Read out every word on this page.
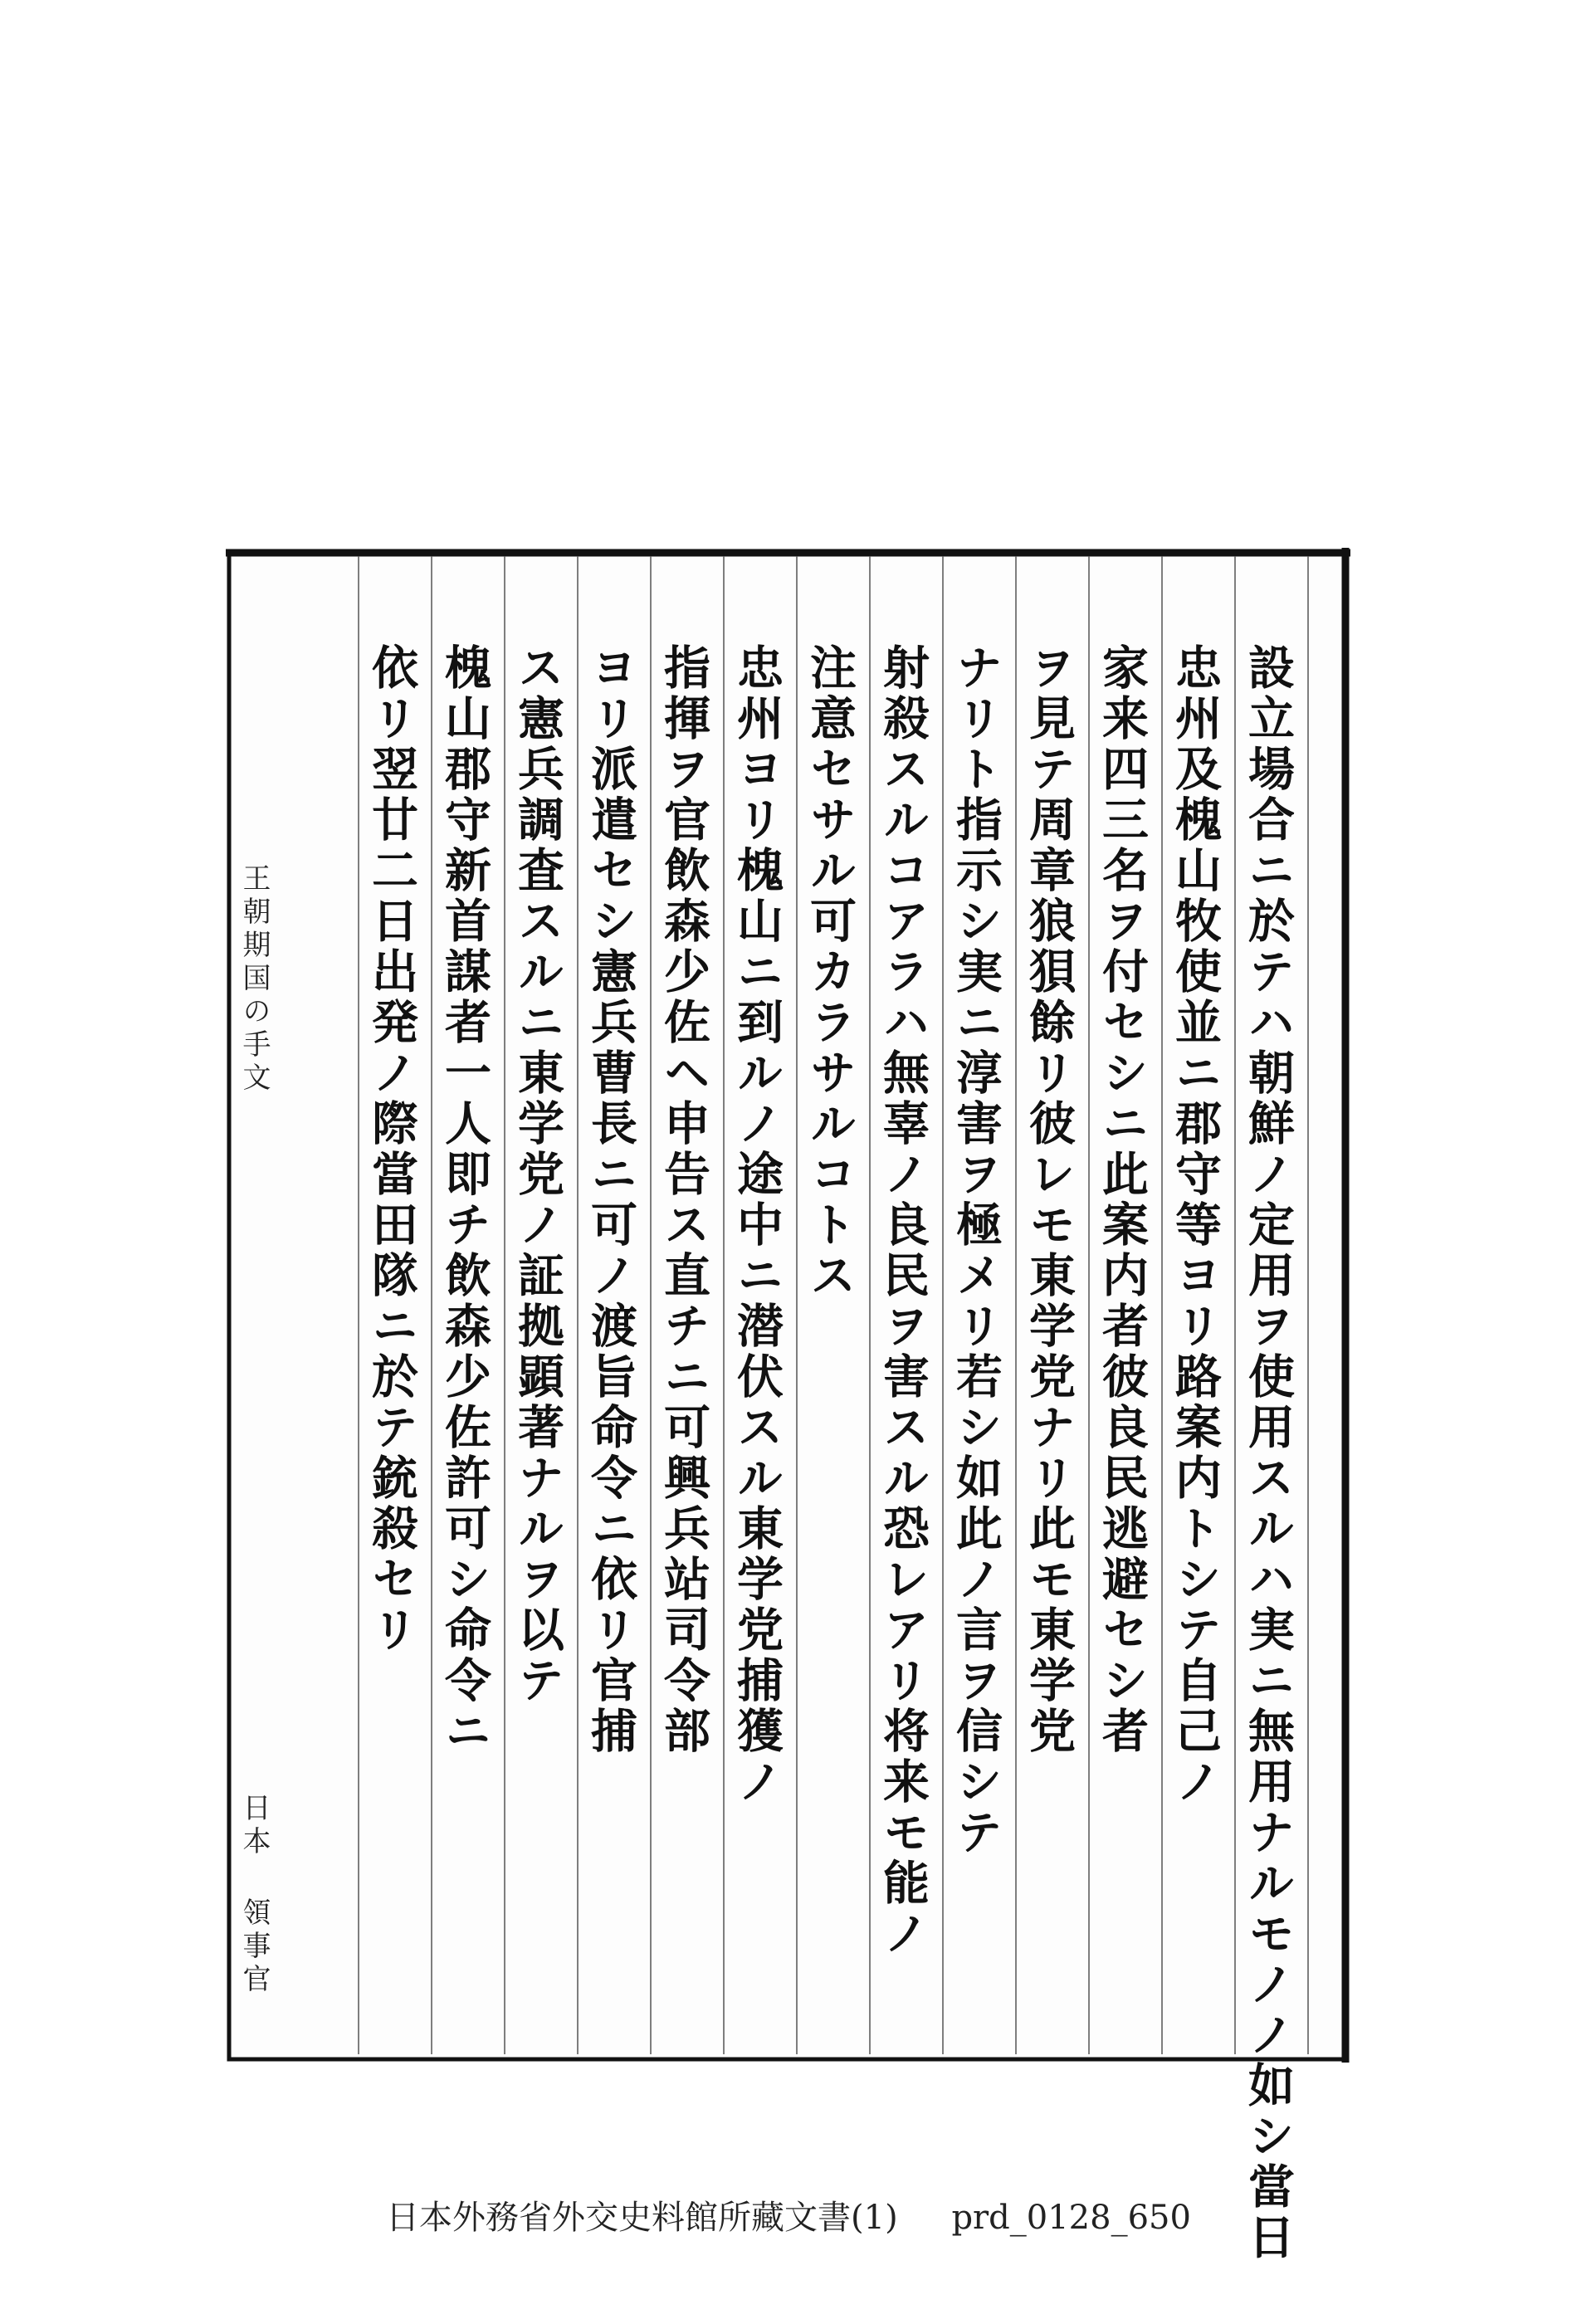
設立場合ニ於テハ朝鮮ノ定用ヲ使用スルハ実ニ無用ナルモノノ如シ當日
忠州及槐山牧使並ニ郡守等ヨリ路案内トシテ自己ノ
家来四三名ヲ付セシニ此案内者彼良民逃避セシ者
ヲ見テ周章狼狽餘リ彼レモ東学党ナリ此モ東学党
ナリト指示シ実ニ淳害ヲ極メリ若シ如此ノ言ヲ信シテ
射殺スルコアラハ無辜ノ良民ヲ害スル恐レアリ将来モ能ノ
注意セサル可カラサルコトス
忠州ヨリ槐山ニ到ルノ途中ニ潜伏スル東学党捕獲ノ
指揮ヲ官飲森少佐ヘ申告ス直チニ可興兵站司令部
ヨリ派遣セシ憲兵曹長ニ可ノ渡旨命令ニ依リ官捕
ス憲兵調査スルニ東学党ノ証拠顕著ナルヲ以テ
槐山郡守新首謀者一人即チ飲森少佐許可シ命令ニ
依リ翌廿二日出発ノ際當田隊ニ於テ銃殺セリ
王朝期国の手文
日本 領事官
日本外務省外交史料館所藏文書(1) prd_0128_650
